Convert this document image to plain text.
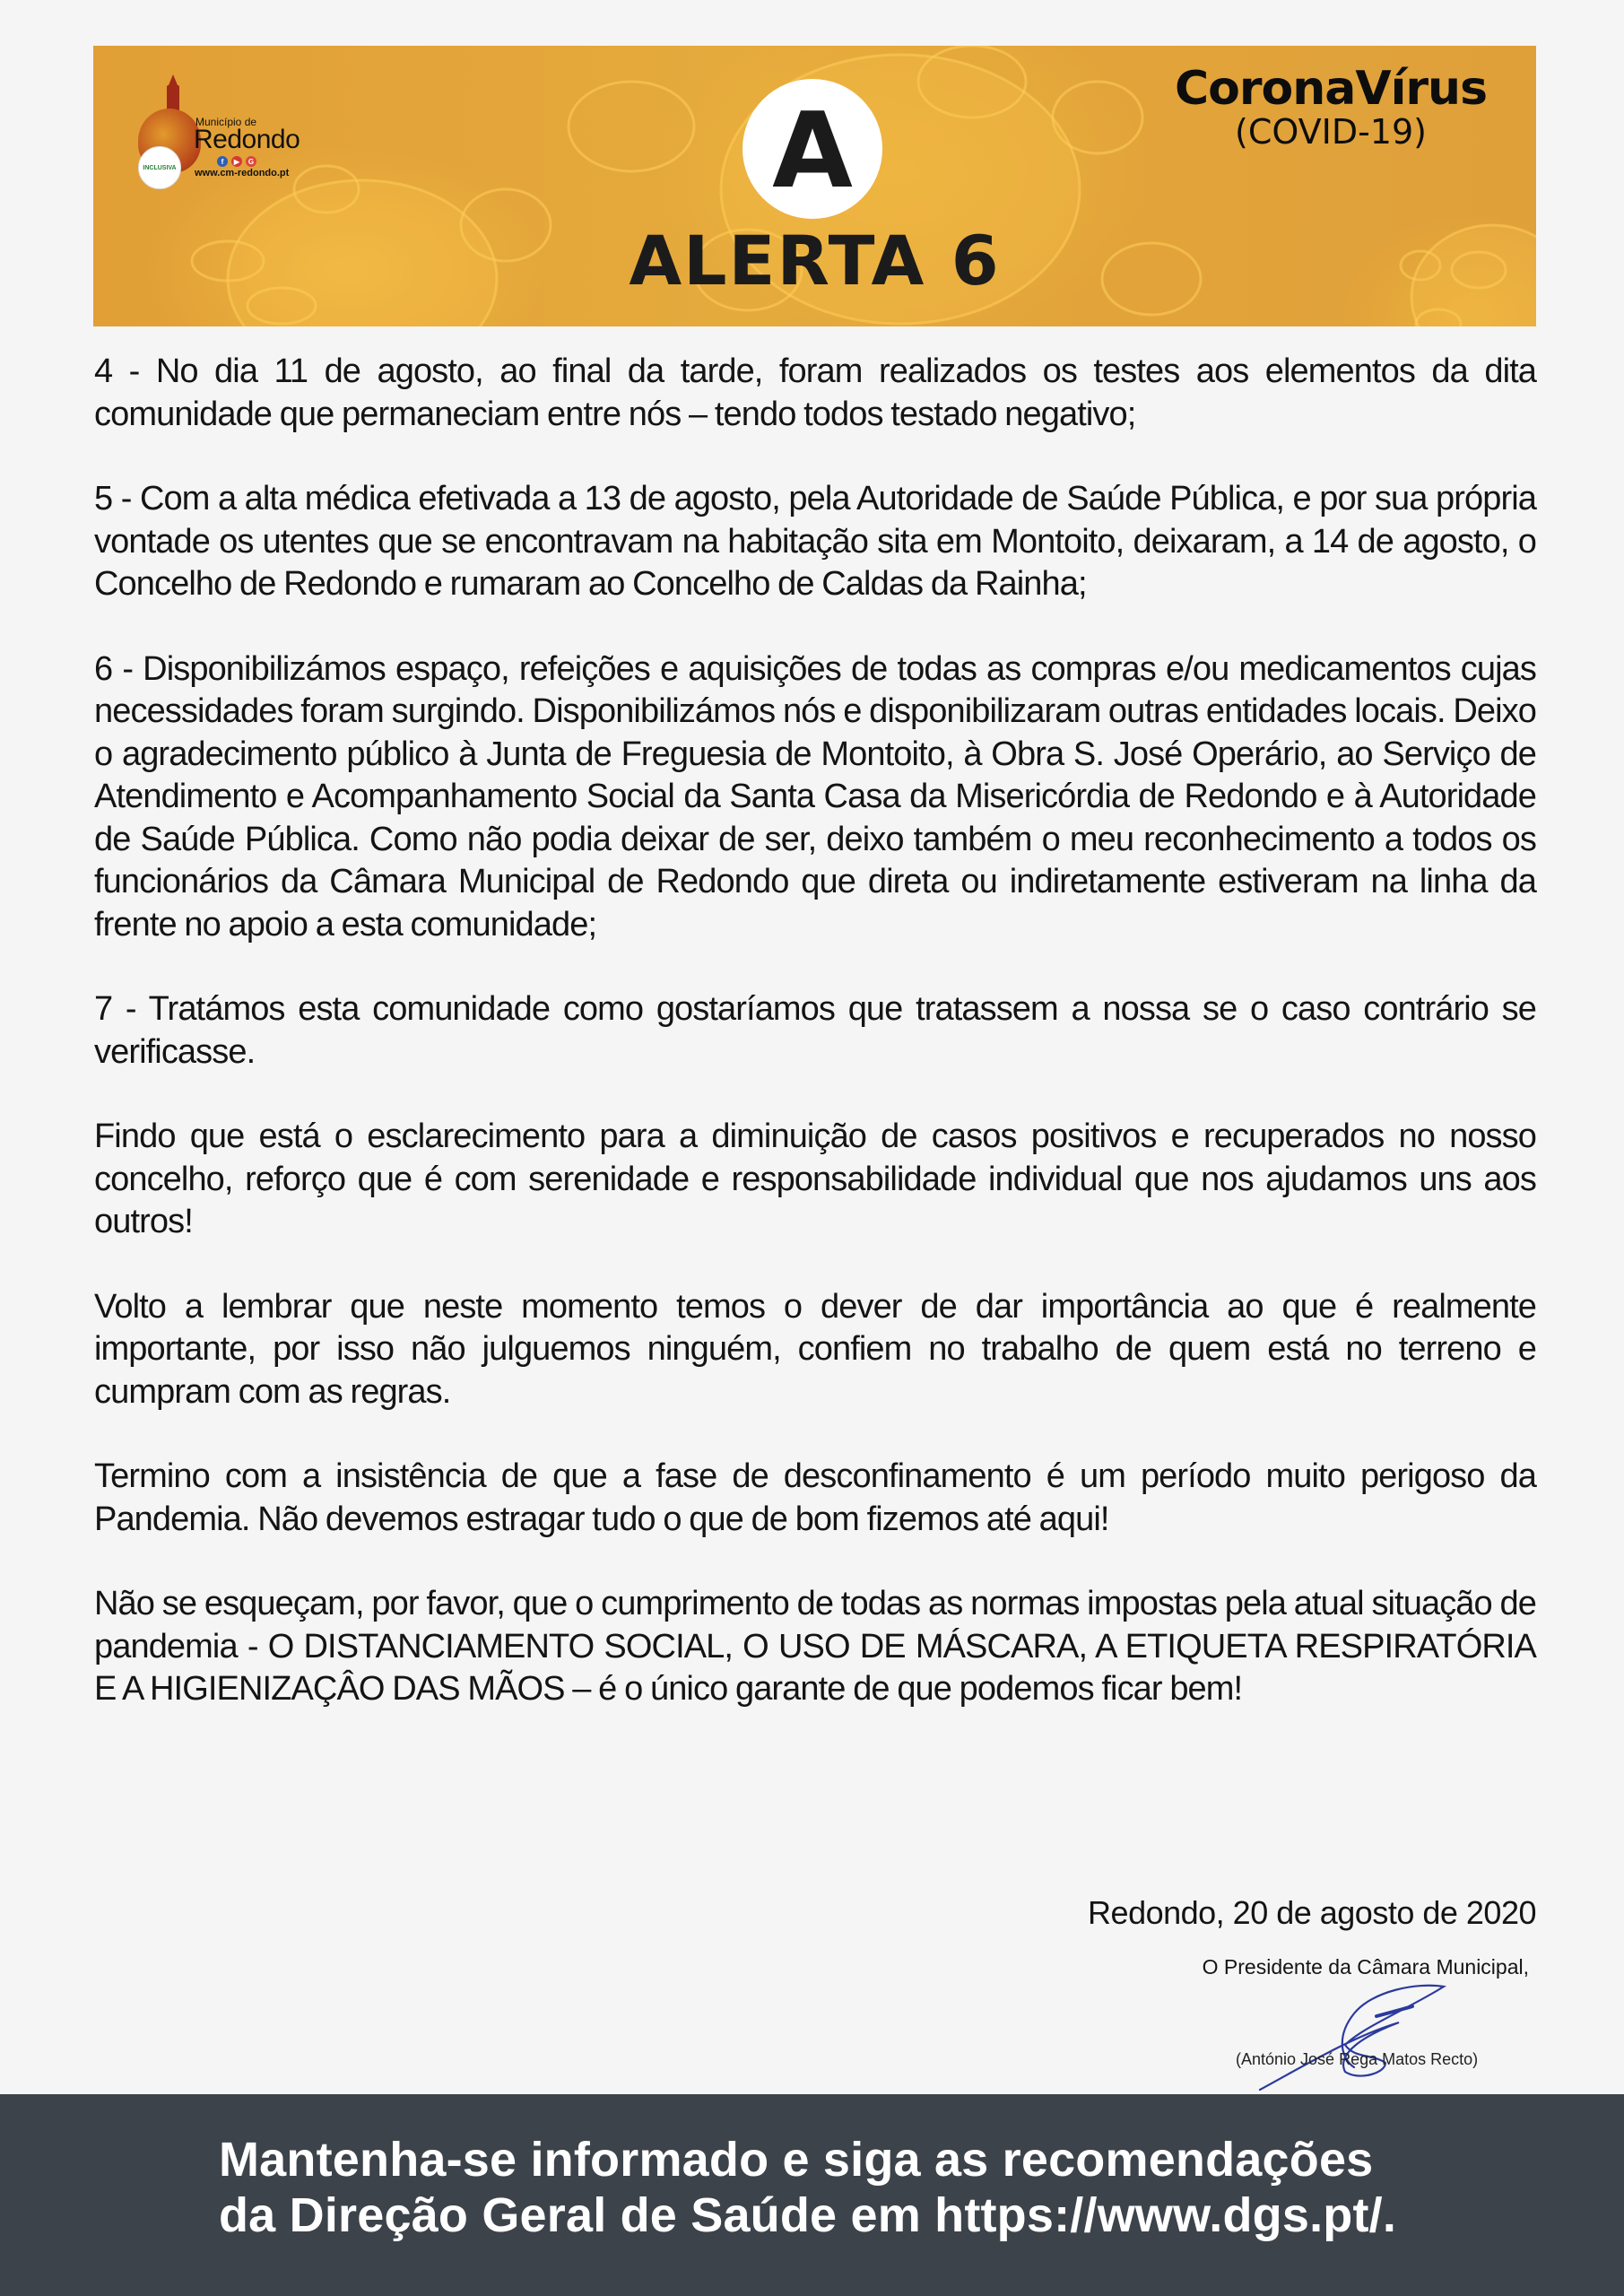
INCLUSIVA
Município de
Redondo
f	▶	G
www.cm-redondo.pt	A
ALERTA 6
CoronaVírus
(COVID-19)

4 - No dia 11 de agosto, ao final da tarde, foram realizados os testes aos elementos da dita comunidade que permaneciam entre nós – tendo todos testado negativo;

5 - Com a alta médica efetivada a 13 de agosto, pela Autoridade de Saúde Pública, e por sua própria vontade os utentes que se encontravam na habitação sita em Montoito, deixaram, a 14 de agosto, o Concelho de Redondo e rumaram ao Concelho de Caldas da Rainha;

6 - Disponibilizámos espaço, refeições e aquisições de todas as compras e/ou medicamentos cujas necessidades foram surgindo. Disponibilizámos nós e disponibilizaram outras entidades locais. Deixo o agradecimento público à Junta de Freguesia de Montoito, à Obra S. José Operário, ao Serviço de Atendimento e Acompanhamento Social da Santa Casa da Misericórdia de Redondo e à Autoridade de Saúde Pública. Como não podia deixar de ser, deixo também o meu reconhecimento a todos os funcionários da Câmara Municipal de Redondo que direta ou indiretamente estiveram na linha da frente no apoio a esta comunidade;

7 - Tratámos esta comunidade como gostaríamos que tratassem a nossa se o caso contrário se verificasse.

Findo que está o esclarecimento para a diminuição de casos positivos e recuperados no nosso concelho, reforço que é com serenidade e responsabilidade individual que nos ajudamos uns aos outros!

Volto a lembrar que neste momento temos o dever de dar importância ao que é realmente importante, por isso não julguemos ninguém, confiem no trabalho de quem está no terreno e cumpram com as regras.

Termino com a insistência de que a fase de desconfinamento é um período muito perigoso da Pandemia. Não devemos estragar tudo o que de bom fizemos até aqui!

Não se esqueçam, por favor, que o cumprimento de todas as normas impostas pela atual situação de pandemia - O DISTANCIAMENTO SOCIAL, O USO DE MÁSCARA, A ETIQUETA RESPIRATÓRIA E A HIGIENIZAÇÂO DAS MÃOS – é o único garante de que podemos ficar bem!

Redondo, 20 de agosto de 2020
O Presidente da Câmara Municipal,
(António José Rega Matos Recto)
Mantenha-se informado e siga as recomendações
da Direção Geral de Saúde em https://www.dgs.pt/.
